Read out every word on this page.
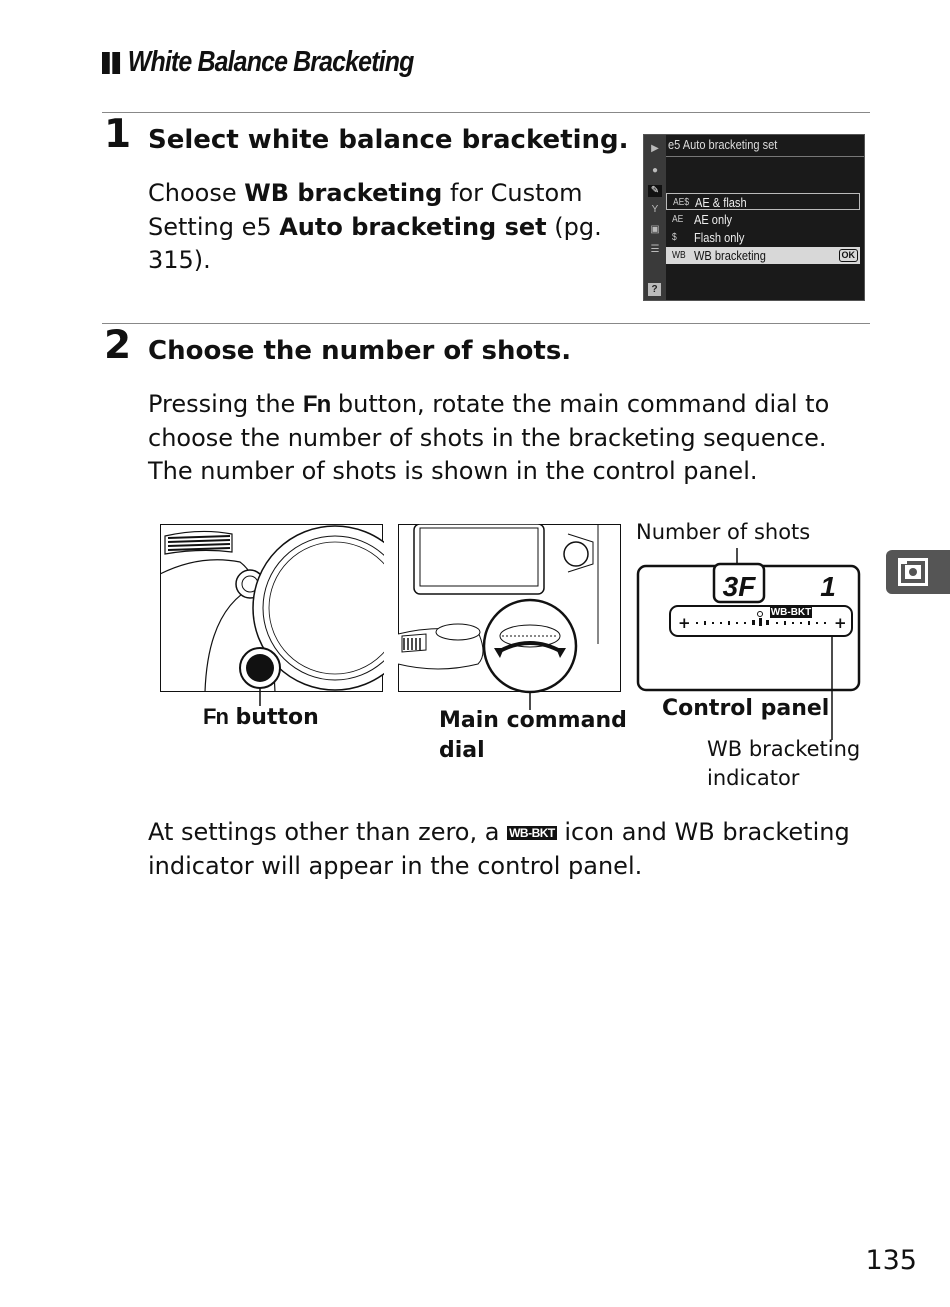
White Balance Bracketing
1 Select white balance bracketing.
Choose WB bracketing for Custom Setting e5 Auto bracketing set (pg. 315).
▶
●
✎
Y
▣
☰
?
e5 Auto bracketing set
AE$ AE & flash
AE AE only
$	Flash only
WB WB bracketing	OK
2 Choose the number of shots.
Pressing the Fn button, rotate the main command dial to choose the number of shots in the bracketing sequence. The number of shots is shown in the control panel.
Fn button	Main command
dial
Number of shots
3F 1
WB-BKT
+	+
Control panel
WB bracketing
indicator
At settings other than zero, a WB-BKT icon and WB bracketing indicator will appear in the control panel.
135
